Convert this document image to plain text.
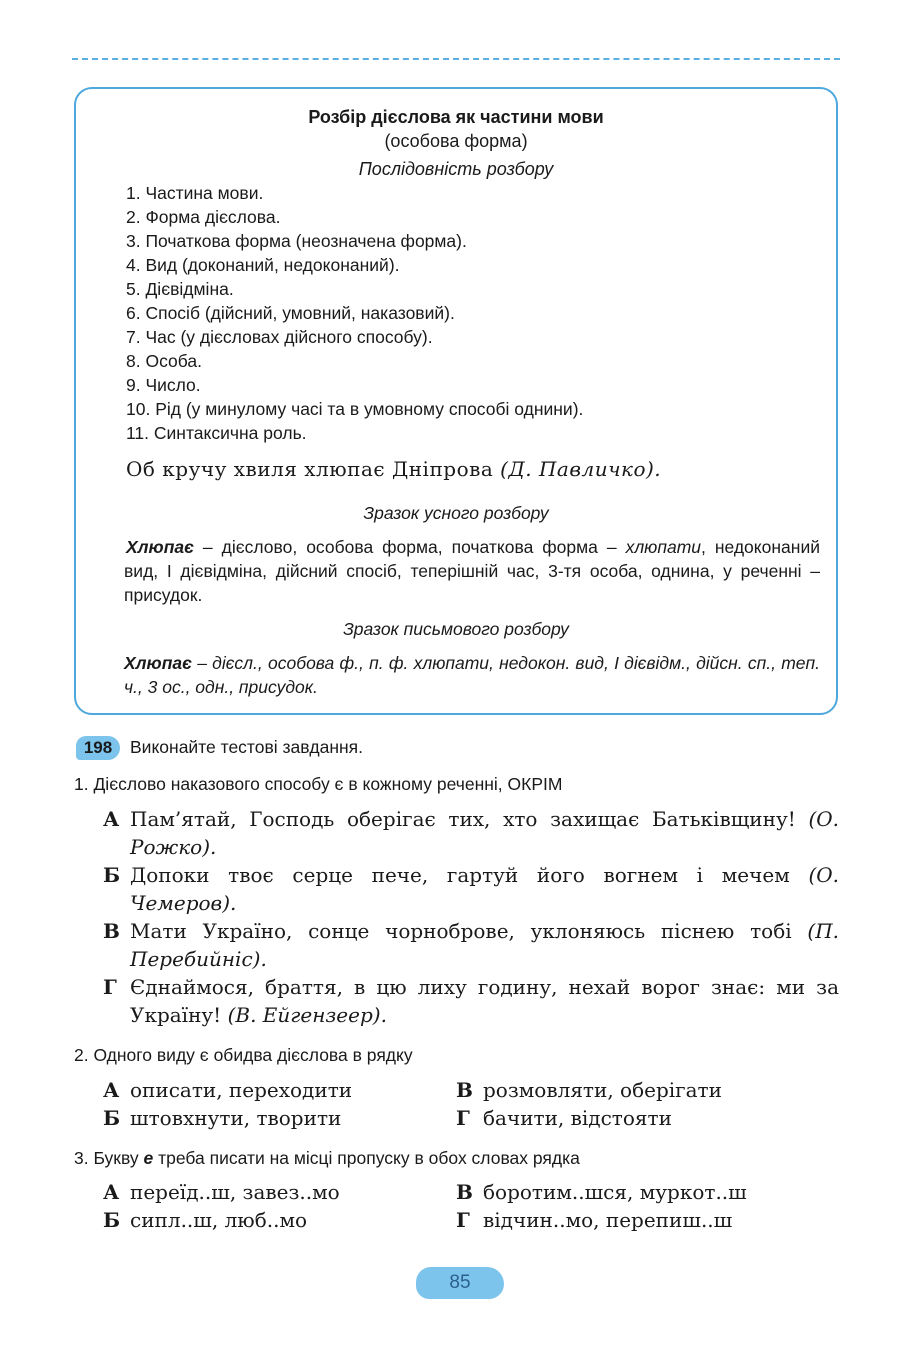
Розбір дієслова як частини мови
(особова форма)
Послідовність розбору
1. Частина мови.
2. Форма дієслова.
3. Початкова форма (неозначена форма).
4. Вид (доконаний, недоконаний).
5. Дієвідміна.
6. Спосіб (дійсний, умовний, наказовий).
7. Час (у дієсловах дійсного способу).
8. Особа.
9. Число.
10. Рід (у минулому часі та в умовному способі однини).
11. Синтаксична роль.
Об кручу хвиля хлюпає Дніпрова (Д. Павличко).
Зразок усного розбору
Хлюпає – дієслово, особова форма, початкова форма – хлюпати, недоконаний вид, I дієвідміна, дійсний спосіб, теперішній час, 3-тя особа, однина, у реченні – присудок.
Зразок письмового розбору
Хлюпає – дієсл., особова ф., п. ф. хлюпати, недокон. вид, I дієвідм., дійсн. сп., теп. ч., 3 ос., одн., присудок.
198	Виконайте тестові завдання.
1. Дієслово наказового способу є в кожному реченні, ОКРІМ
А Пам’ятай, Господь оберігає тих, хто захищає Батьківщину! (О. Рожко).
Б Допоки твоє серце пече, гартуй його вогнем і мечем (О. Чемеров).
В Мати Україно, сонце чорноброве, уклоняюсь піснею тобі (П. Перебийніс).
Г Єднаймося, браття, в цю лиху годину, нехай ворог знає: ми за Україну! (В. Ейгензеер).
2. Одного виду є обидва дієслова в рядку
А описати, переходити
Б штовхнути, творити
В розмовляти, оберігати
Г бачити, відстояти
3. Букву е треба писати на місці пропуску в обох словах рядка
А переїд..ш, завез..мо
Б сипл..ш, люб..мо
В боротим..шся, муркот..ш
Г відчин..мо, перепиш..ш
85
